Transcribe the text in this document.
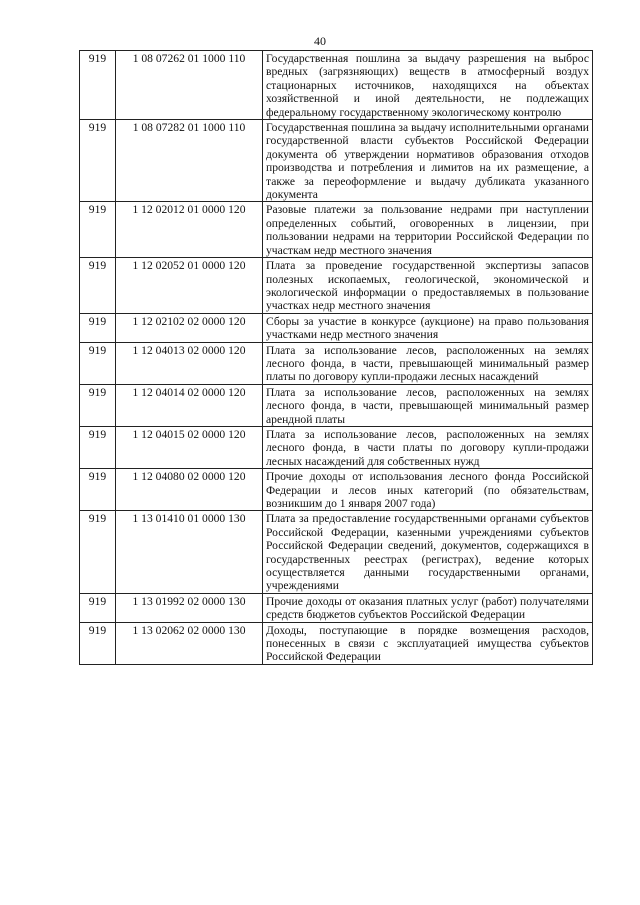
40
919	1 08 07262 01 1000 110	Государственная пошлина за выдачу разрешения на выброс вредных (загрязняющих) веществ в атмосферный воздух стационарных источников, находящихся на объектах хозяйственной и иной деятельности, не подлежащих федеральному государственному экологическому контролю
919	1 08 07282 01 1000 110	Государственная пошлина за выдачу исполнительными органами государственной власти субъектов Российской Федерации документа об утверждении нормативов образования отходов производства и потребления и лимитов на их размещение, а также за переоформление и выдачу дубликата указанного документа
919	1 12 02012 01 0000 120	Разовые платежи за пользование недрами при наступлении определенных событий, оговоренных в лицензии, при пользовании недрами на территории Российской Федерации по участкам недр местного значения
919	1 12 02052 01 0000 120	Плата за проведение государственной экспертизы запасов полезных ископаемых, геологической, экономической и экологической информации о предоставляемых в пользование участках недр местного значения
919	1 12 02102 02 0000 120	Сборы за участие в конкурсе (аукционе) на право пользования участками недр местного значения
919	1 12 04013 02 0000 120	Плата за использование лесов, расположенных на землях лесного фонда, в части, превышающей минимальный размер платы по договору купли-продажи лесных насаждений
919	1 12 04014 02 0000 120	Плата за использование лесов, расположенных на землях лесного фонда, в части, превышающей минимальный размер арендной платы
919	1 12 04015 02 0000 120	Плата за использование лесов, расположенных на землях лесного фонда, в части платы по договору купли-продажи лесных насаждений для собственных нужд
919	1 12 04080 02 0000 120	Прочие доходы от использования лесного фонда Российской Федерации и лесов иных категорий (по обязательствам, возникшим до 1 января 2007 года)
919	1 13 01410 01 0000 130	Плата за предоставление государственными органами субъектов Российской Федерации, казенными учреждениями субъектов Российской Федерации сведений, документов, содержащихся в государственных реестрах (регистрах), ведение которых осуществляется данными государственными органами, учреждениями
919	1 13 01992 02 0000 130	Прочие доходы от оказания платных услуг (работ) получателями средств бюджетов субъектов Российской Федерации
919	1 13 02062 02 0000 130	Доходы, поступающие в порядке возмещения расходов, понесенных в связи с эксплуатацией имущества субъектов Российской Федерации
